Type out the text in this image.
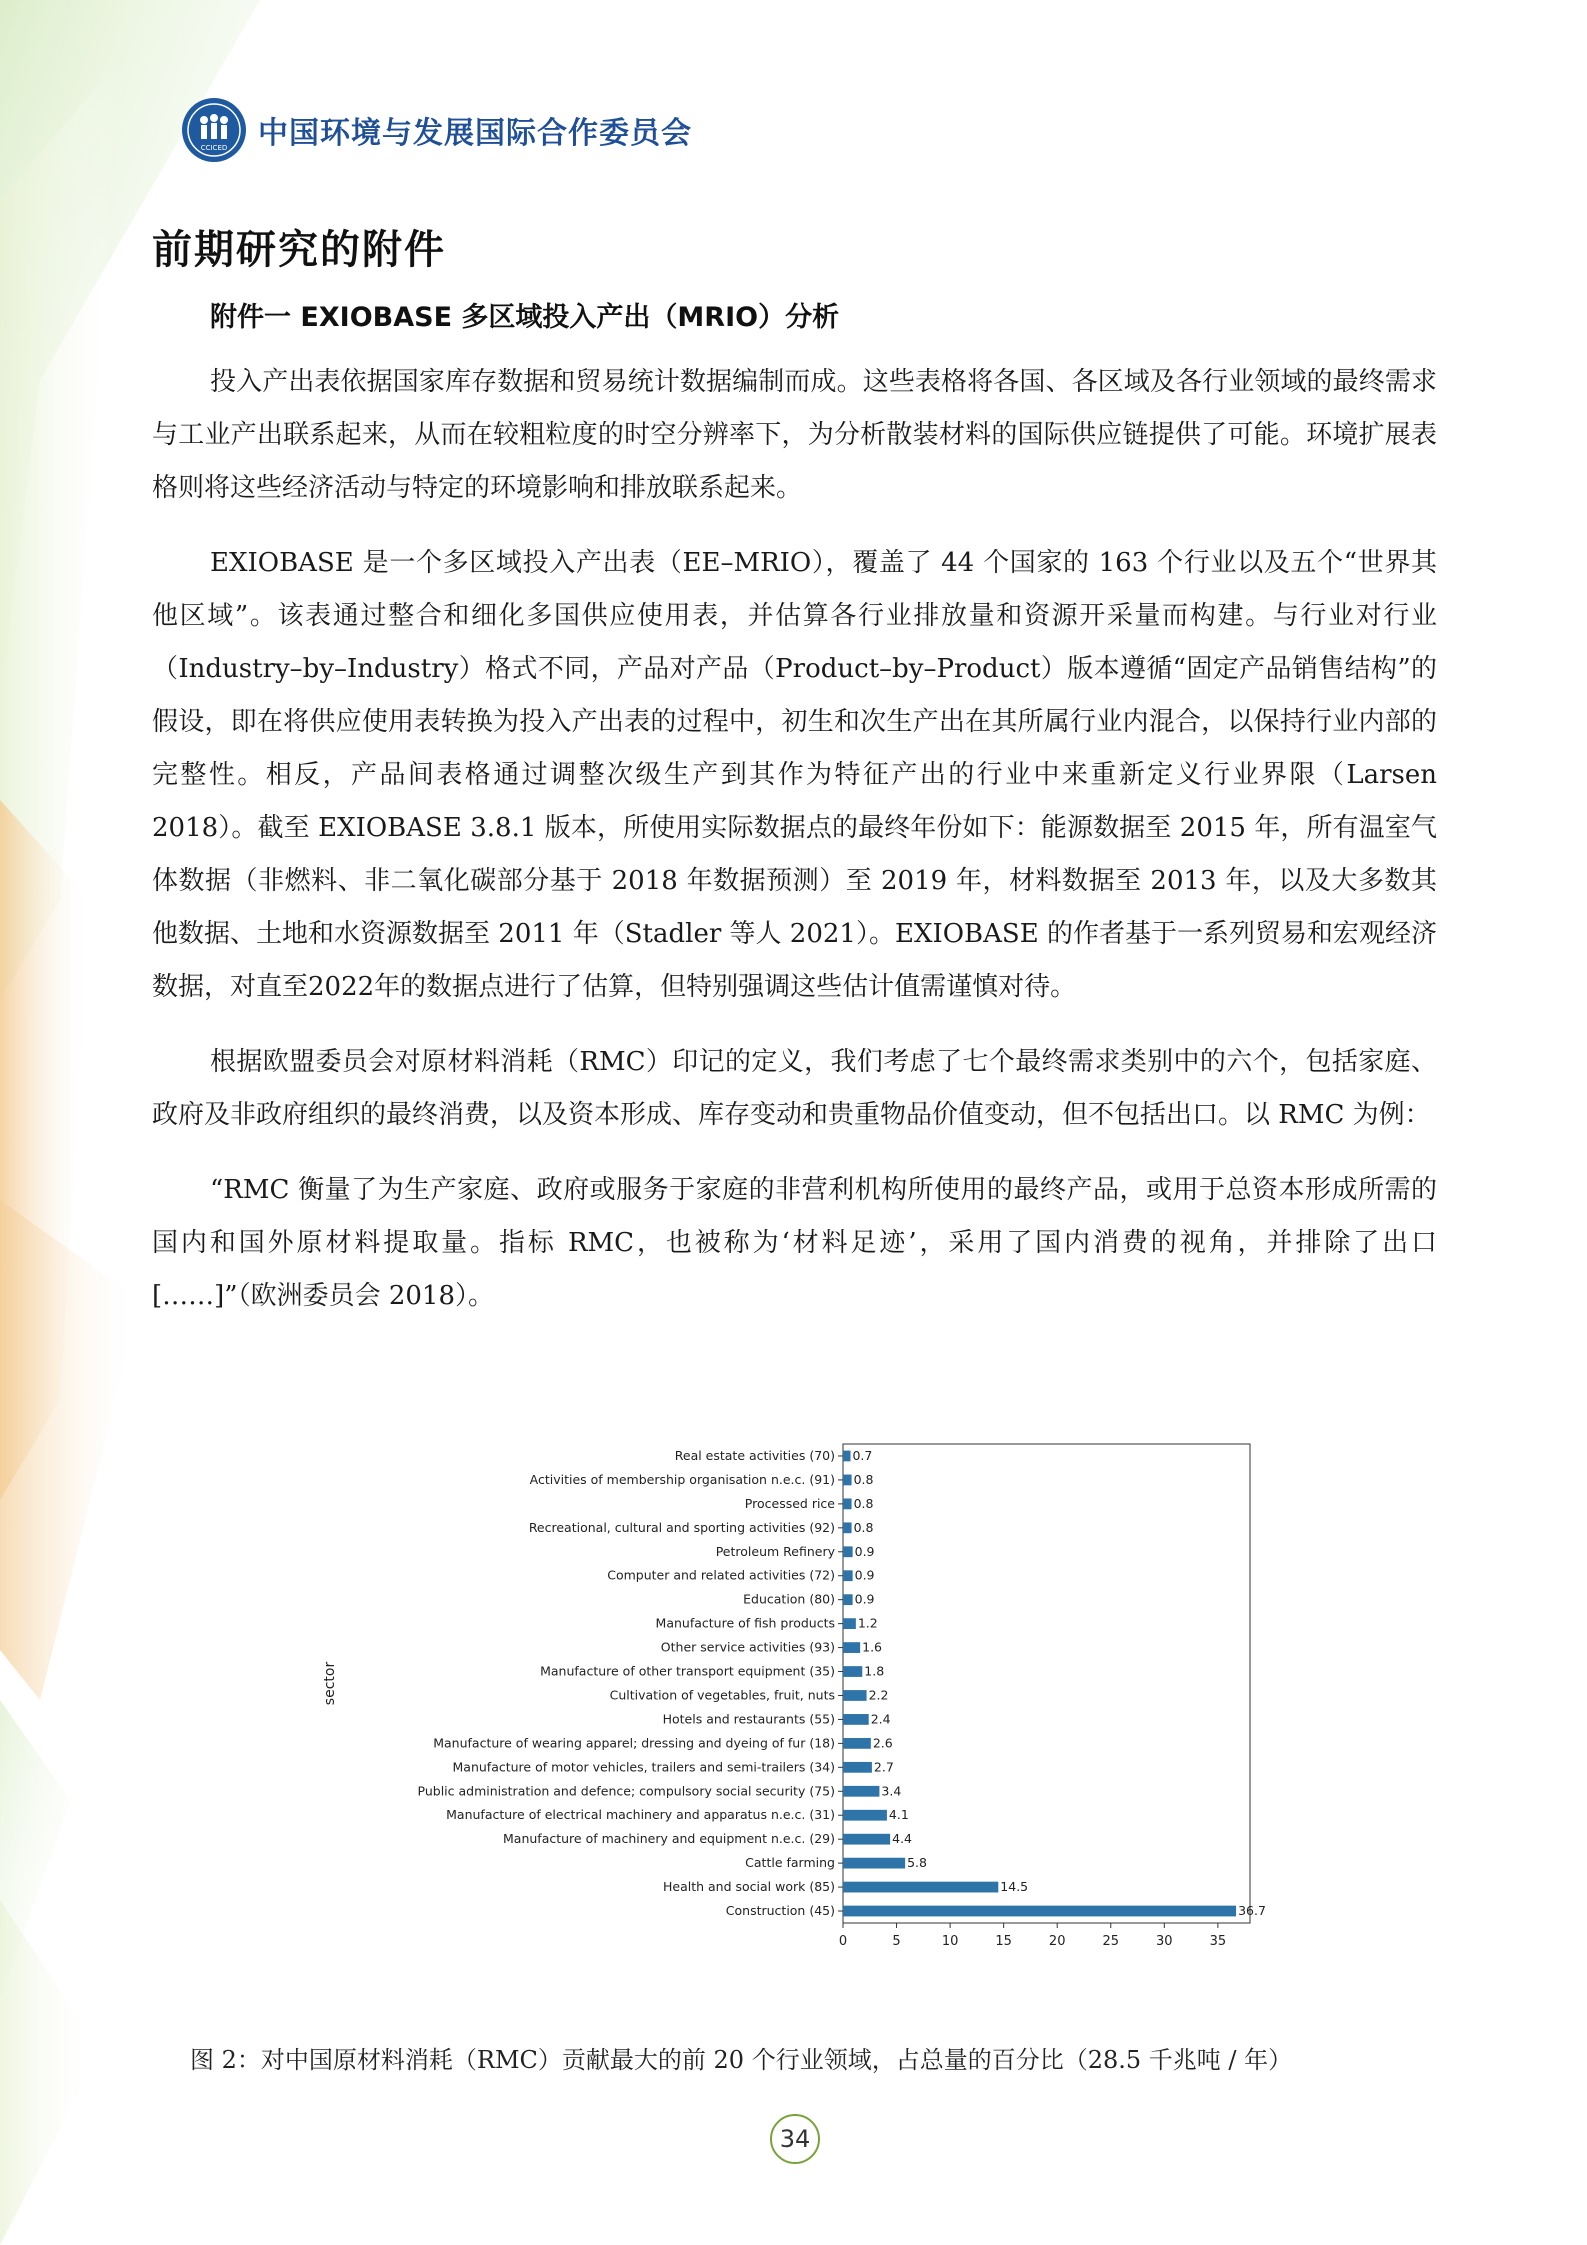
CCICED 中国环境与发展国际合作委员会
前期研究的附件
附件一 EXIOBASE 多区域投入产出（MRIO）分析

投入产出表依据国家库存数据和贸易统计数据编制而成。这些表格将各国、各区域及各行业领域的最终需求与工业产出联系起来，从而在较粗粒度的时空分辨率下，为分析散装材料的国际供应链提供了可能。环境扩展表格则将这些经济活动与特定的环境影响和排放联系起来。

EXIOBASE 是一个多区域投入产出表（EE–MRIO），覆盖了 44 个国家的 163 个行业以及五个“世界其他区域”。该表通过整合和细化多国供应使用表，并估算各行业排放量和资源开采量而构建。与行业对行业（Industry–by–Industry）格式不同，产品对产品（Product–by–Product）版本遵循“固定产品销售结构”的假设，即在将供应使用表转换为投入产出表的过程中，初生和次生产出在其所属行业内混合，以保持行业内部的完整性。相反，产品间表格通过调整次级生产到其作为特征产出的行业中来重新定义行业界限（Larsen 2018）。截至 EXIOBASE 3.8.1 版本，所使用实际数据点的最终年份如下：能源数据至 2015 年，所有温室气体数据（非燃料、非二氧化碳部分基于 2018 年数据预测）至 2019 年，材料数据至 2013 年，以及大多数其他数据、土地和水资源数据至 2011 年（Stadler 等人 2021）。EXIOBASE 的作者基于一系列贸易和宏观经济数据，对直至2022年的数据点进行了估算，但特别强调这些估计值需谨慎对待。

根据欧盟委员会对原材料消耗（RMC）印记的定义，我们考虑了七个最终需求类别中的六个，包括家庭、政府及非政府组织的最终消费，以及资本形成、库存变动和贵重物品价值变动，但不包括出口。以 RMC 为例：

“RMC 衡量了为生产家庭、政府或服务于家庭的非营利机构所使用的最终产品，或用于总资本形成所需的国内和国外原材料提取量。指标 RMC，也被称为‘材料足迹’，采用了国内消费的视角，并排除了出口 [……]”（欧洲委员会 2018）。

Real estate activities (70) 0.7
Activities of membership organisation n.e.c. (91) 0.8
Processed rice 0.8
Recreational, cultural and sporting activities (92) 0.8
Petroleum Refinery 0.9
Computer and related activities (72) 0.9
Education (80) 0.9
Manufacture of fish products 1.2
Other service activities (93) 1.6
Manufacture of other transport equipment (35) 1.8
Cultivation of vegetables, fruit, nuts	2.2
Hotels and restaurants (55)	2.4
Manufacture of wearing apparel; dressing and dyeing of fur (18)	2.6
Manufacture of motor vehicles, trailers and semi-trailers (34)	2.7
Public administration and defence; compulsory social security (75)	3.4
Manufacture of electrical machinery and apparatus n.e.c. (31)	4.1
Manufacture of machinery and equipment n.e.c. (29)	4.4
Cattle farming	5.8
Health and social work (85)	14.5
Construction (45)	36.7
0	5	10	15	20	25	30	35
sector
图 2：对中国原材料消耗（RMC）贡献最大的前 20 个行业领域，占总量的百分比（28.5 千兆吨 / 年）
34
